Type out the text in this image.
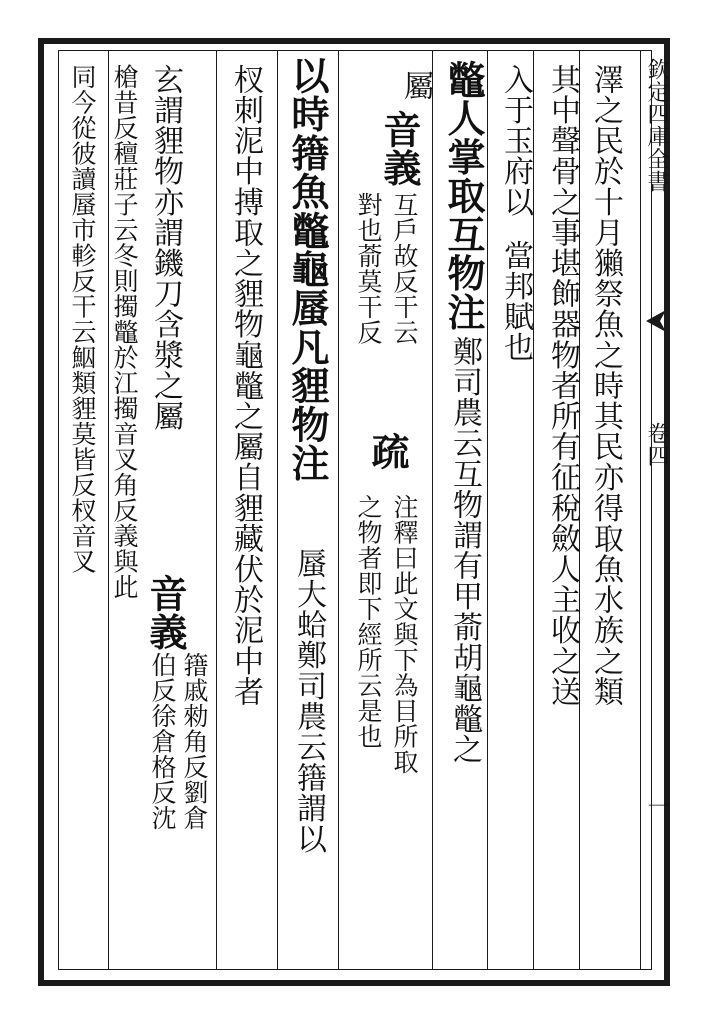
欽定四庫全書
卷四
一
澤之民於十月獺祭魚之時其民亦得取魚水族之類
其中聲骨之事堪飾器物者所有征稅斂人主收之送
入于玉府以
當邦賦也
鼈人掌取互物注
鄭司農云互物謂有甲萮胡龜鼈之
屬
音義
互戶故反干云
對也萮莫干反
疏
注釋曰此文與下為目所取
之物者即下經所云是也
以時簎魚鼈龜蜃凡貍物注
蜃大蛤鄭司農云簎謂以
杈刺泥中搏取之貍物龜鼈之屬自貍藏伏於泥中者
玄謂貍物亦謂鐖刀含漿之屬
音義
簎戚勑角反劉倉
伯反徐倉格反沈
槍昔反䆄莊子云冬則擉鼈於江擉音叉角反義與此
同今從彼讀蜃市軫反干云鮂類貍莫皆反杈音叉
